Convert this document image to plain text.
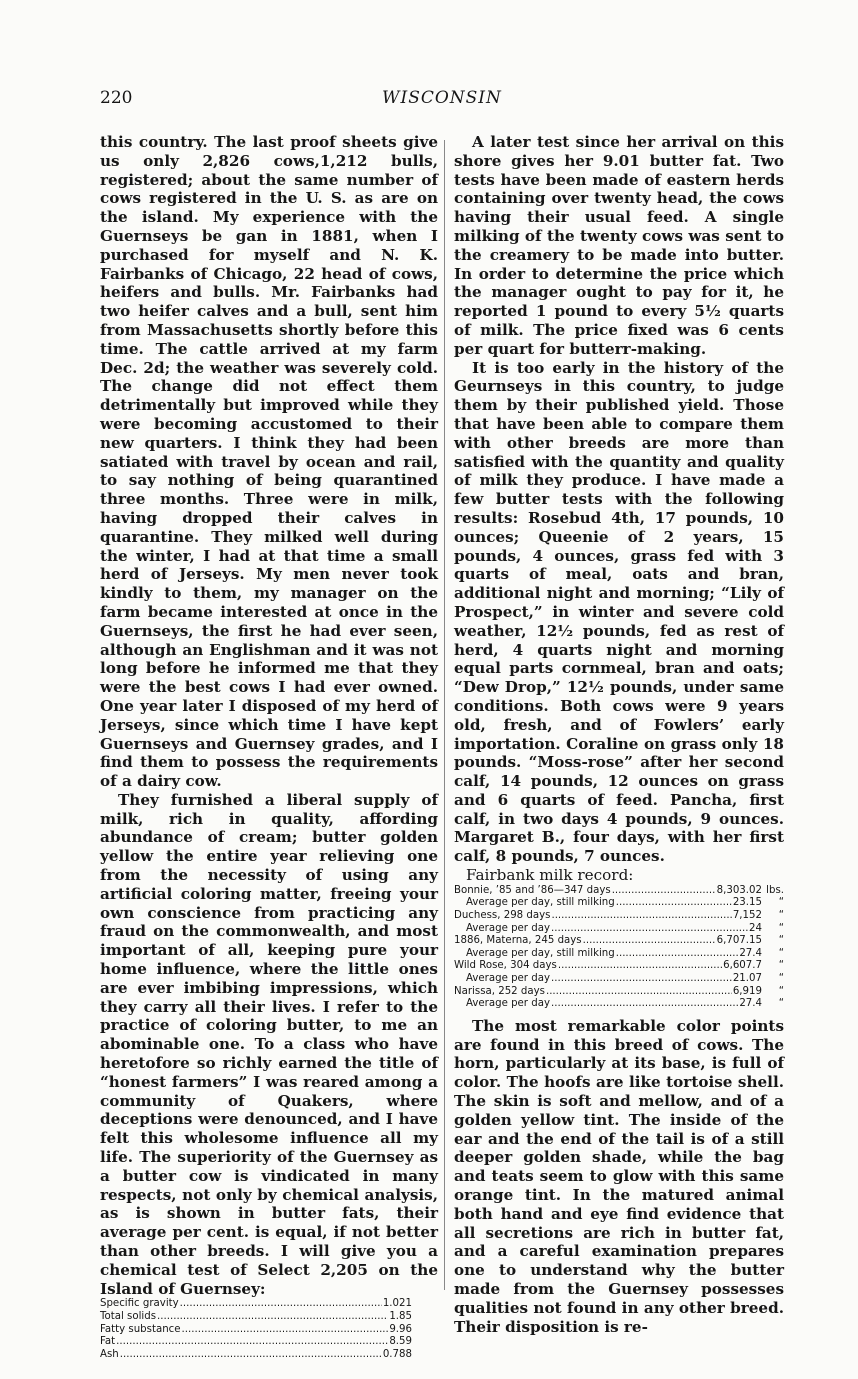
220	WISCONSIN

this country. The last proof sheets give us only 2,826 cows,1,212 bulls, registered; about the same number of cows registered in the U. S. as are on the island. My experience with the Guernseys be gan in 1881, when I purchased for myself and N. K. Fairbanks of Chicago, 22 head of cows, heifers and bulls. Mr. Fairbanks had two heifer calves and a bull, sent him from Massachusetts shortly before this time. The cattle arrived at my farm Dec. 2d; the weather was severely cold. The change did not effect them detrimentally but improved while they were becoming accustomed to their new quarters. I think they had been satiated with travel by ocean and rail, to say nothing of being quarantined three months. Three were in milk, having dropped their calves in quarantine. They milked well during the winter, I had at that time a small herd of Jerseys. My men never took kindly to them, my manager on the farm became interested at once in the Guernseys, the first he had ever seen, although an Englishman and it was not long before he informed me that they were the best cows I had ever owned. One year later I disposed of my herd of Jerseys, since which time I have kept Guernseys and Guernsey grades, and I find them to possess the requirements of a dairy cow.

They furnished a liberal supply of milk, rich in quality, affording abundance of cream; butter golden yellow the entire year relieving one from the necessity of using any artificial coloring matter, freeing your own conscience from practicing any fraud on the commonwealth, and most important of all, keeping pure your home influence, where the little ones are ever imbibing impressions, which they carry all their lives. I refer to the practice of coloring butter, to me an abominable one. To a class who have heretofore so richly earned the title of “honest farmers” I was reared among a community of Quakers, where deceptions were denounced, and I have felt this wholesome influence all my life. The superiority of the Guernsey as a butter cow is vindicated in many respects, not only by chemical analysis, as is shown in butter fats, their average per cent. is equal, if not better than other breeds. I will give you a chemical test of Select 2,205 on the Island of Guernsey:

Specific gravity .....	1.021
Total solids .....	1.85
Fatty substance .....	9.96
Fat .....	8.59
Ash .....	0.788

A later test since her arrival on this shore gives her 9.01 butter fat. Two tests have been made of eastern herds containing over twenty head, the cows having their usual feed. A single milking of the twenty cows was sent to the creamery to be made into butter. In order to determine the price which the manager ought to pay for it, he reported 1 pound to every 5½ quarts of milk. The price fixed was 6 cents per quart for butterr-making.

It is too early in the history of the Geurnseys in this country, to judge them by their published yield. Those that have been able to compare them with other breeds are more than satisfied with the quantity and quality of milk they produce. I have made a few butter tests with the following results: Rosebud 4th, 17 pounds, 10 ounces; Queenie of 2 years, 15 pounds, 4 ounces, grass fed with 3 quarts of meal, oats and bran, additional night and morning; “Lily of Prospect,” in winter and severe cold weather, 12½ pounds, fed as rest of herd, 4 quarts night and morning equal parts cornmeal, bran and oats; “Dew Drop,” 12½ pounds, under same conditions. Both cows were 9 years old, fresh, and of Fowlers’ early importation. Coraline on grass only 18 pounds. “Moss-rose” after her second calf, 14 pounds, 12 ounces on grass and 6 quarts of feed. Pancha, first calf, in two days 4 pounds, 9 ounces. Margaret B., four days, with her first calf, 8 pounds, 7 ounces.

Fairbank milk record:

Bonnie, ’85 and ’86—347 days .....	8,303.02 lbs.
Average per day, still milking .....	23.15	“
Duchess, 298 days .....	7,152	“
Average per day .....	24	“
1886, Materna, 245 days .....	6,707.15	“
Average per day, still milking .....	27.4	“
Wild Rose, 304 days .....	6,607.7	“
Average per day .....	21.07	“
Narissa, 252 days .....	6,919	“
Average per day .....	27.4	“

The most remarkable color points are found in this breed of cows. The horn, particularly at its base, is full of color. The hoofs are like tortoise shell. The skin is soft and mellow, and of a golden yellow tint. The inside of the ear and the end of the tail is of a still deeper golden shade, while the bag and teats seem to glow with this same orange tint. In the matured animal both hand and eye find evidence that all secretions are rich in butter fat, and a careful examination prepares one to understand why the butter made from the Guernsey possesses qualities not found in any other breed. Their disposition is re-
